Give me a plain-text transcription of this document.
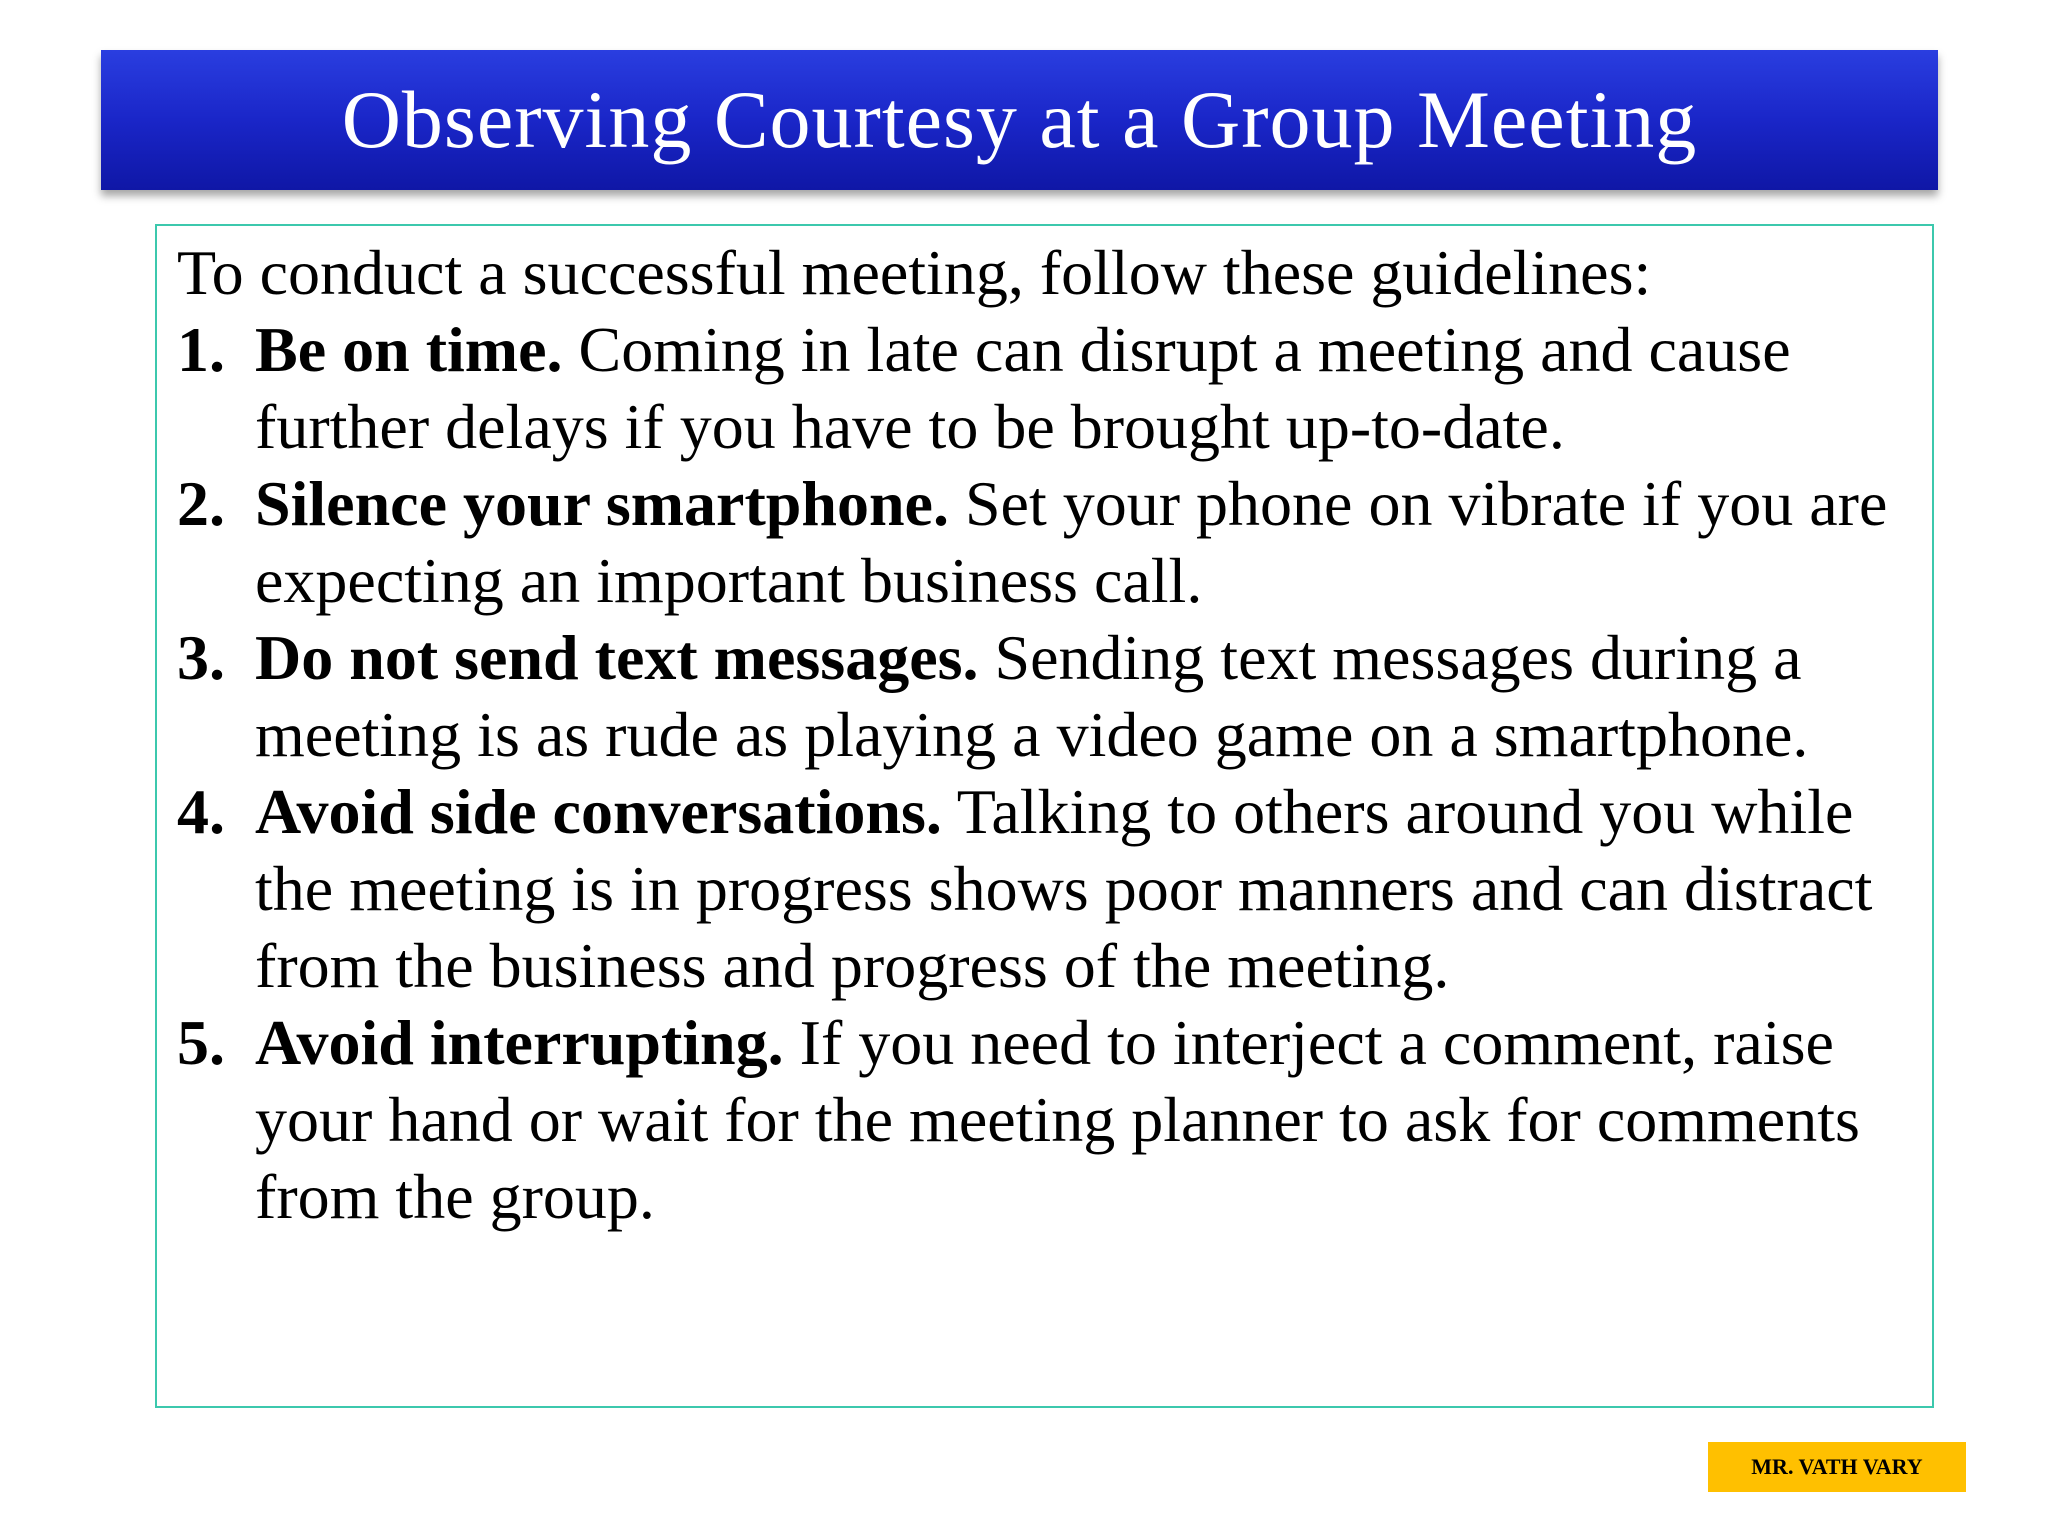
Observing Courtesy at a Group Meeting

To conduct a successful meeting, follow these guidelines:

1. Be on time. Coming in late can disrupt a meeting and cause further delays if you have to be brought up-to-date.
2. Silence your smartphone. Set your phone on vibrate if you are expecting an important business call.
3. Do not send text messages. Sending text messages during a meeting is as rude as playing a video game on a smartphone.
4. Avoid side conversations. Talking to others around you while the meeting is in progress shows poor manners and can distract from the business and progress of the meeting.
5. Avoid interrupting. If you need to interject a comment, raise your hand or wait for the meeting planner to ask for comments from the group.
MR. VATH VARY
